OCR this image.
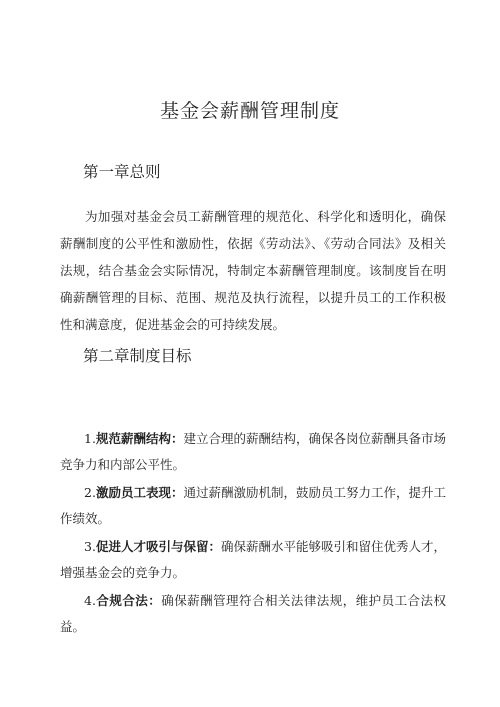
基金会薪酬管理制度
第一章总则

为加强对基金会员工薪酬管理的规范化、科学化和透明化，确保薪酬制度的公平性和激励性，依据《劳动法》、《劳动合同法》及相关法规，结合基金会实际情况，特制定本薪酬管理制度。该制度旨在明确薪酬管理的目标、范围、规范及执行流程，以提升员工的工作积极性和满意度，促进基金会的可持续发展。

第二章制度目标
1.规范薪酬结构：建立合理的薪酬结构，确保各岗位薪酬具备市场竞争力和内部公平性。
2.激励员工表现：通过薪酬激励机制，鼓励员工努力工作，提升工作绩效。
3.促进人才吸引与保留：确保薪酬水平能够吸引和留住优秀人才，增强基金会的竞争力。
4.合规合法：确保薪酬管理符合相关法律法规，维护员工合法权益。
